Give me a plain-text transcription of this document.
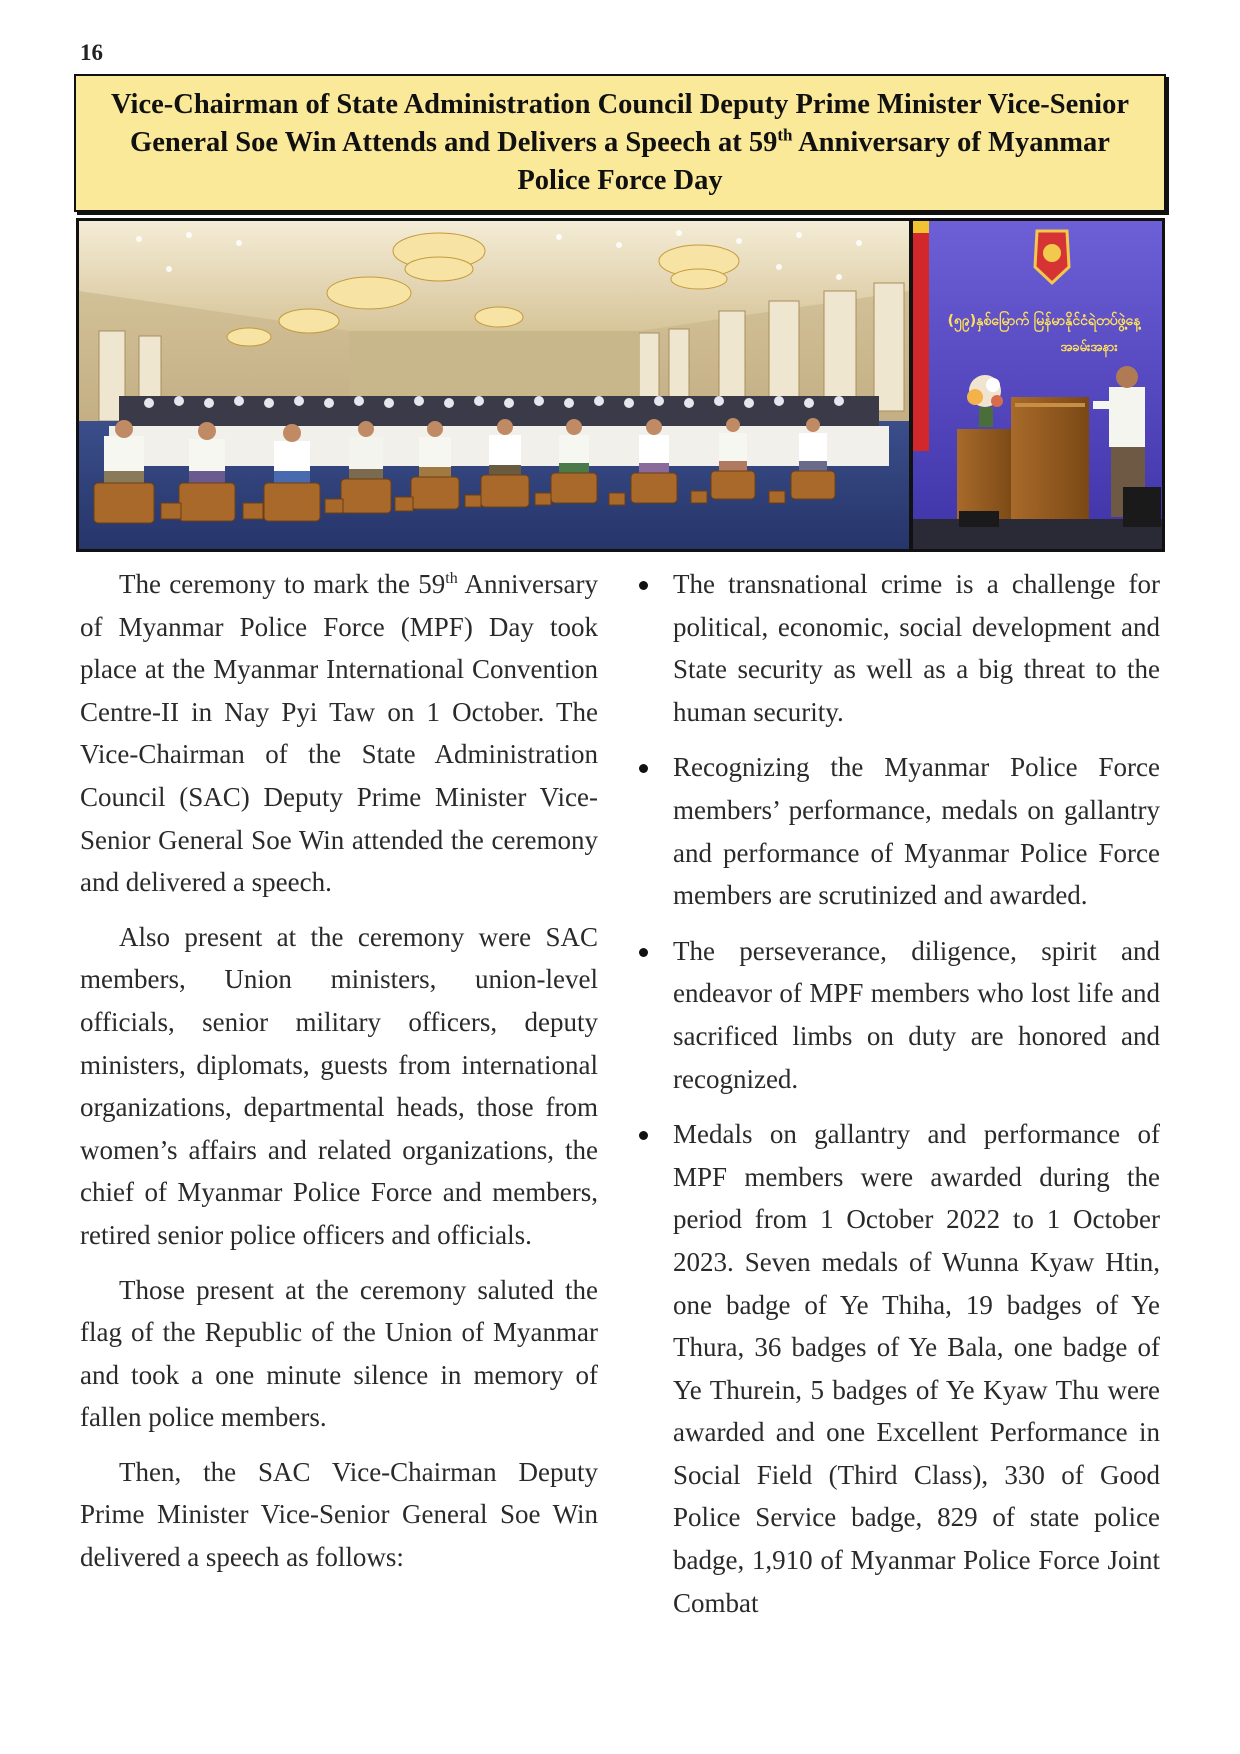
16
Vice-Chairman of State Administration Council Deputy Prime Minister Vice-Senior General Soe Win Attends and Delivers a Speech at 59th Anniversary of Myanmar Police Force Day
(၅၉)နှစ်မြောက် မြန်မာနိုင်ငံရဲတပ်ဖွဲ့နေ့
အခမ်းအနား

The ceremony to mark the 59th Anniversary of Myanmar Police Force (MPF) Day took place at the Myanmar International Convention Centre-II in Nay Pyi Taw on 1 October. The Vice-Chairman of the State Administration Council (SAC) Deputy Prime Minister Vice-Senior General Soe Win attended the ceremony and delivered a speech.

Also present at the ceremony were SAC members, Union ministers, union-level officials, senior military officers, deputy ministers, diplomats, guests from international organizations, departmental heads, those from women’s affairs and related organizations, the chief of Myanmar Police Force and members, retired senior police officers and officials.

Those present at the ceremony saluted the flag of the Republic of the Union of Myanmar and took a one minute silence in memory of fallen police members.

Then, the SAC Vice-Chairman Deputy Prime Minister Vice-Senior General Soe Win delivered a speech as follows:

The transnational crime is a challenge for political, economic, social development and State security as well as a big threat to the human security.
Recognizing the Myanmar Police Force members’ performance, medals on gallantry and performance of Myanmar Police Force members are scrutinized and awarded.
The perseverance, diligence, spirit and endeavor of MPF members who lost life and sacrificed limbs on duty are honored and recognized.
Medals on gallantry and performance of MPF members were awarded during the period from 1 October 2022 to 1 October 2023. Seven medals of Wunna Kyaw Htin, one badge of Ye Thiha, 19 badges of Ye Thura, 36 badges of Ye Bala, one badge of Ye Thurein, 5 badges of Ye Kyaw Thu were awarded and one Excellent Performance in Social Field (Third Class), 330 of Good Police Service badge, 829 of state police badge, 1,910 of Myanmar Police Force Joint Combat
